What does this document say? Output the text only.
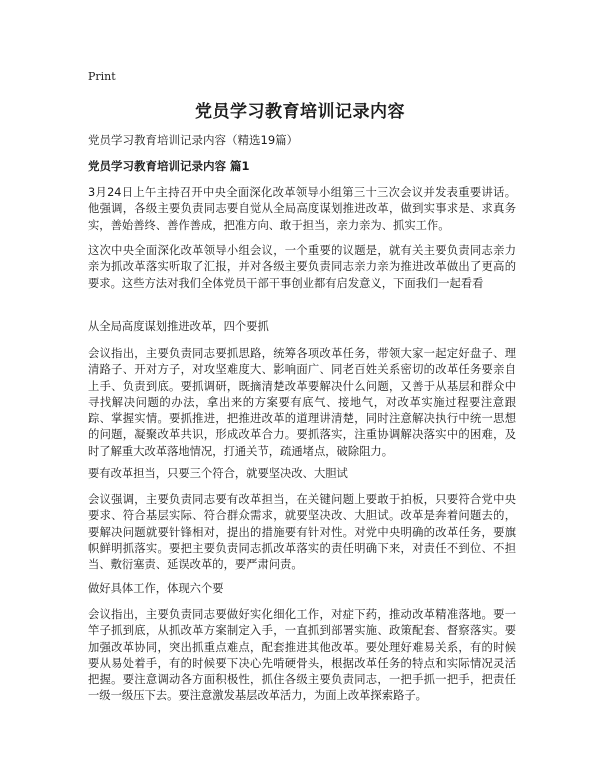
Print
党员学习教育培训记录内容
党员学习教育培训记录内容（精选19篇）
党员学习教育培训记录内容 篇1

3月24日上午主持召开中央全面深化改革领导小组第三十三次会议并发表重要讲话。他强调，各级主要负责同志要自觉从全局高度谋划推进改革，做到实事求是、求真务实，善始善终、善作善成，把准方向、敢于担当，亲力亲为、抓实工作。

这次中央全面深化改革领导小组会议，一个重要的议题是，就有关主要负责同志亲力亲为抓改革落实听取了汇报，并对各级主要负责同志亲力亲为推进改革做出了更高的要求。这些方法对我们全体党员干部干事创业都有启发意义，下面我们一起看看

从全局高度谋划推进改革，四个要抓

会议指出，主要负责同志要抓思路，统筹各项改革任务，带领大家一起定好盘子、理清路子、开对方子，对攻坚难度大、影响面广、同老百姓关系密切的改革任务要亲自上手、负责到底。要抓调研，既摘清楚改革要解决什么问题，又善于从基层和群众中寻找解决问题的办法，拿出来的方案要有底气、接地气，对改革实施过程要注意跟踪、掌握实情。要抓推进，把推进改革的道理讲清楚，同时注意解决执行中统一思想的问题，凝聚改革共识，形成改革合力。要抓落实，注重协调解决落实中的困难，及时了解重大改革落地情况，打通关节，疏通堵点，破除阻力。

要有改革担当，只要三个符合，就要坚决改、大胆试

会议强调，主要负责同志要有改革担当，在关键问题上要敢于拍板，只要符合党中央要求、符合基层实际、符合群众需求，就要坚决改、大胆试。改革是奔着问题去的，要解决问题就要针锋相对，提出的措施要有针对性。对党中央明确的改革任务，要旗帜鲜明抓落实。要把主要负责同志抓改革落实的责任明确下来，对责任不到位、不担当、敷衍塞责、延误改革的，要严肃问责。

做好具体工作，体现六个要

会议指出，主要负责同志要做好实化细化工作，对症下药，推动改革精准落地。要一竿子抓到底，从抓改革方案制定入手，一直抓到部署实施、政策配套、督察落实。要加强改革协同，突出抓重点难点，配套推进其他改革。要处理好难易关系，有的时候要从易处着手，有的时候要下决心先啃硬骨头，根据改革任务的特点和实际情况灵活把握。要注意调动各方面积极性，抓住各级主要负责同志，一把手抓一把手，把责任一级一级压下去。要注意激发基层改革活力，为面上改革探索路子。
